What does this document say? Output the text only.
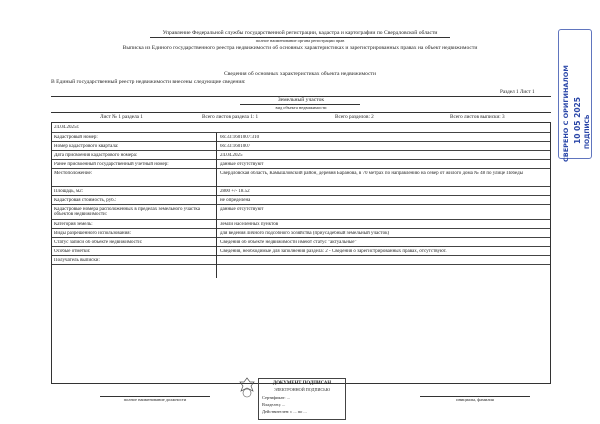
Управление Федеральной службы государственной регистрации, кадастра и картографии по Свердловской области
полное наименование органа регистрации прав
Выписка из Единого государственного реестра недвижимости об основных характеристиках и зарегистрированных правах на объект недвижимости
Сведения об основных характеристиках объекта недвижимости
В Единый государственный реестр недвижимости внесены следующие сведения:
Раздел 1 Лист 1
Земельный участок
вид объекта недвижимости
Лист № 1 раздела 1	Всего листов раздела 1: 1	Всего разделов: 2	Всего листов выписки: 3
24.04.2025г.
Кадастровый номер:	66:33:1601007:310
Номер кадастрового квартала:	66:33:1601007
Дата присвоения кадастрового номера:	24.04.2025
Ранее присвоенный государственный учетный номер:	данные отсутствуют
Местоположение:	Свердловская область, Камышловский район, деревня Баранова, в 70 метрах по направлению на север от жилого дома № 48 по улице Победы
Площадь, м2:	2800 +/- 18.52
Кадастровая стоимость, руб.:	не определена
Кадастровые номера расположенных в пределах земельного участка объектов недвижимости:
данные отсутствуют
Категория земель:	Земли населенных пунктов
Виды разрешенного использования:	для ведения личного подсобного хозяйства (приусадебный земельный участок)
Статус записи об объекте недвижимости:	Сведения об объекте недвижимости имеют статус "актуальные"
Особые отметки:	Сведения, необходимые для заполнения раздела: 2 - Сведения о зарегистрированных правах, отсутствуют.
Получатель выписки:
полное наименование должности
ДОКУМЕНТ ПОДПИСАН
ЭЛЕКТРОННОЙ ПОДПИСЬЮ
Сертификат: ...
Владелец: ...
Действителен: с ... по ...
инициалы, фамилия
СВЕРЕНО С ОРИГИНАЛОМ 10 05 2025 ПОДПИСЬ
